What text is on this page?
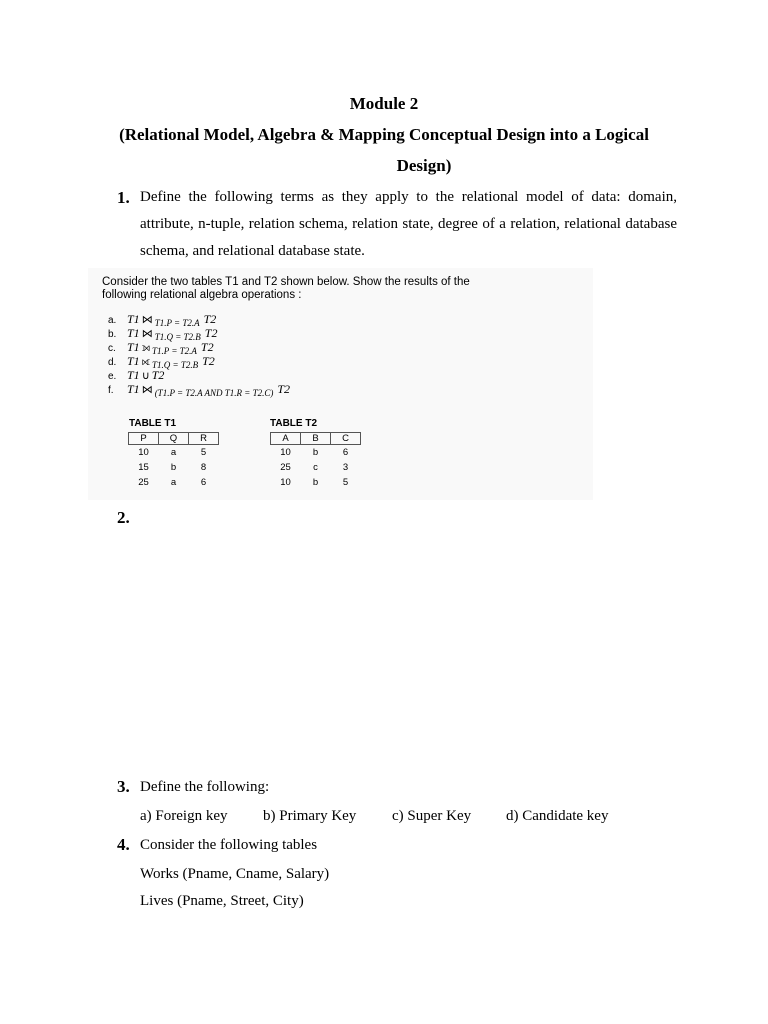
Module 2
(Relational Model, Algebra & Mapping Conceptual Design into a Logical
Design)
1. Define the following terms as they apply to the relational model of data: domain, attribute, n-tuple, relation schema, relation state, degree of a relation, relational database schema, and relational database state.
Consider the two tables T1 and T2 shown below. Show the results of the
following relational algebra operations :
a. T1 ⋈ T1.P = T2.A T2
b. T1 ⋈ T1.Q = T2.B T2
c. T1 ⟕ T1.P = T2.A T2
d. T1 ⟖ T1.Q = T2.B T2
e. T1 ∪ T2
f.	T1 ⋈ (T1.P = T2.A AND T1.R = T2.C) T2
TABLE T1
P	Q	R
10	a	5
15	b	8
25	a	6
TABLE T2
A	B	C
10	b	6
25	c	3
10	b	5
2.
3. Define the following:
a) Foreign key b) Primary Key c) Super Key d) Candidate key
4. Consider the following tables
Works (Pname, Cname, Salary)
Lives (Pname, Street, City)
